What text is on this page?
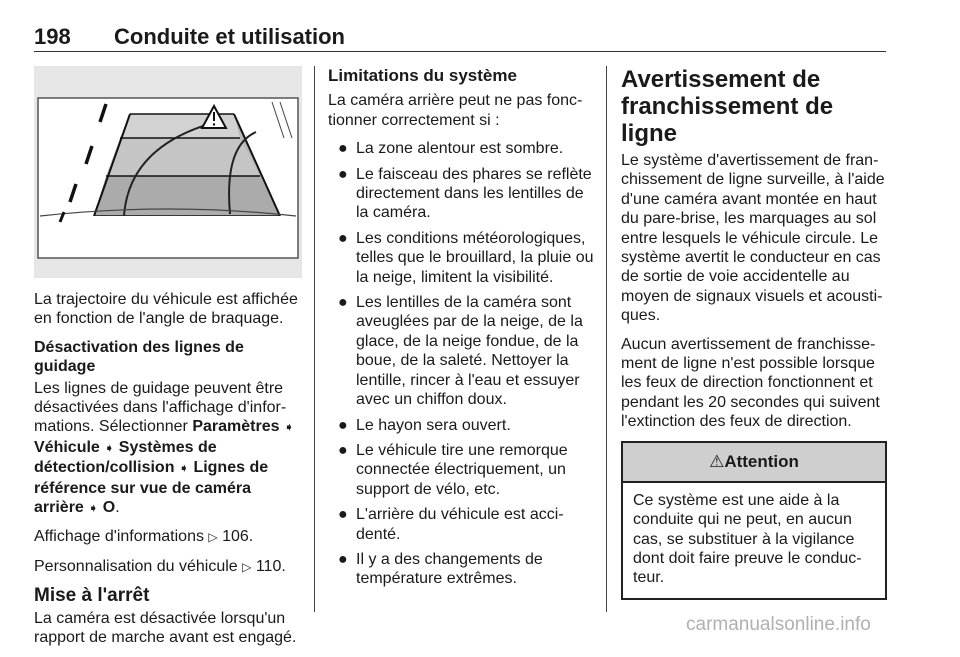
198 Conduite et utilisation

La trajectoire du véhicule est affichée en fonction de l'angle de braquage.

Désactivation des lignes de guidage

Les lignes de guidage peuvent être désactivées dans l'affichage d'infor-mations. Sélectionner Paramètres ➧ Véhicule ➧ Systèmes de détection/collision ➧ Lignes de référence sur vue de caméra arrière ➧ O.

Affichage d'informations ▷ 106.

Personnalisation du véhicule ▷ 110.

Mise à l'arrêt

La caméra est désactivée lorsqu'un rapport de marche avant est engagé.

Limitations du système

La caméra arrière peut ne pas fonc-tionner correctement si :

● La zone alentour est sombre.
● Le faisceau des phares se reflète directement dans les lentilles de la caméra.
● Les conditions météorologiques, telles que le brouillard, la pluie ou la neige, limitent la visibilité.
● Les lentilles de la caméra sont aveuglées par de la neige, de la glace, de la neige fondue, de la boue, de la saleté. Nettoyer la lentille, rincer à l'eau et essuyer avec un chiffon doux.
● Le hayon sera ouvert.
● Le véhicule tire une remorque connectée électriquement, un support de vélo, etc.
● L'arrière du véhicule est acci-denté.
● Il y a des changements de température extrêmes.
Avertissement de franchissement de ligne

Le système d'avertissement de fran-chissement de ligne surveille, à l'aide d'une caméra avant montée en haut du pare-brise, les marquages au sol entre lesquels le véhicule circule. Le système avertit le conducteur en cas de sortie de voie accidentelle au moyen de signaux visuels et acousti-ques.

Aucun avertissement de franchisse-ment de ligne n'est possible lorsque les feux de direction fonctionnent et pendant les 20 secondes qui suivent l'extinction des feux de direction.

⚠Attention
Ce système est une aide à la conduite qui ne peut, en aucun cas, se substituer à la vigilance dont doit faire preuve le conduc-teur.
carmanualsonline.info
